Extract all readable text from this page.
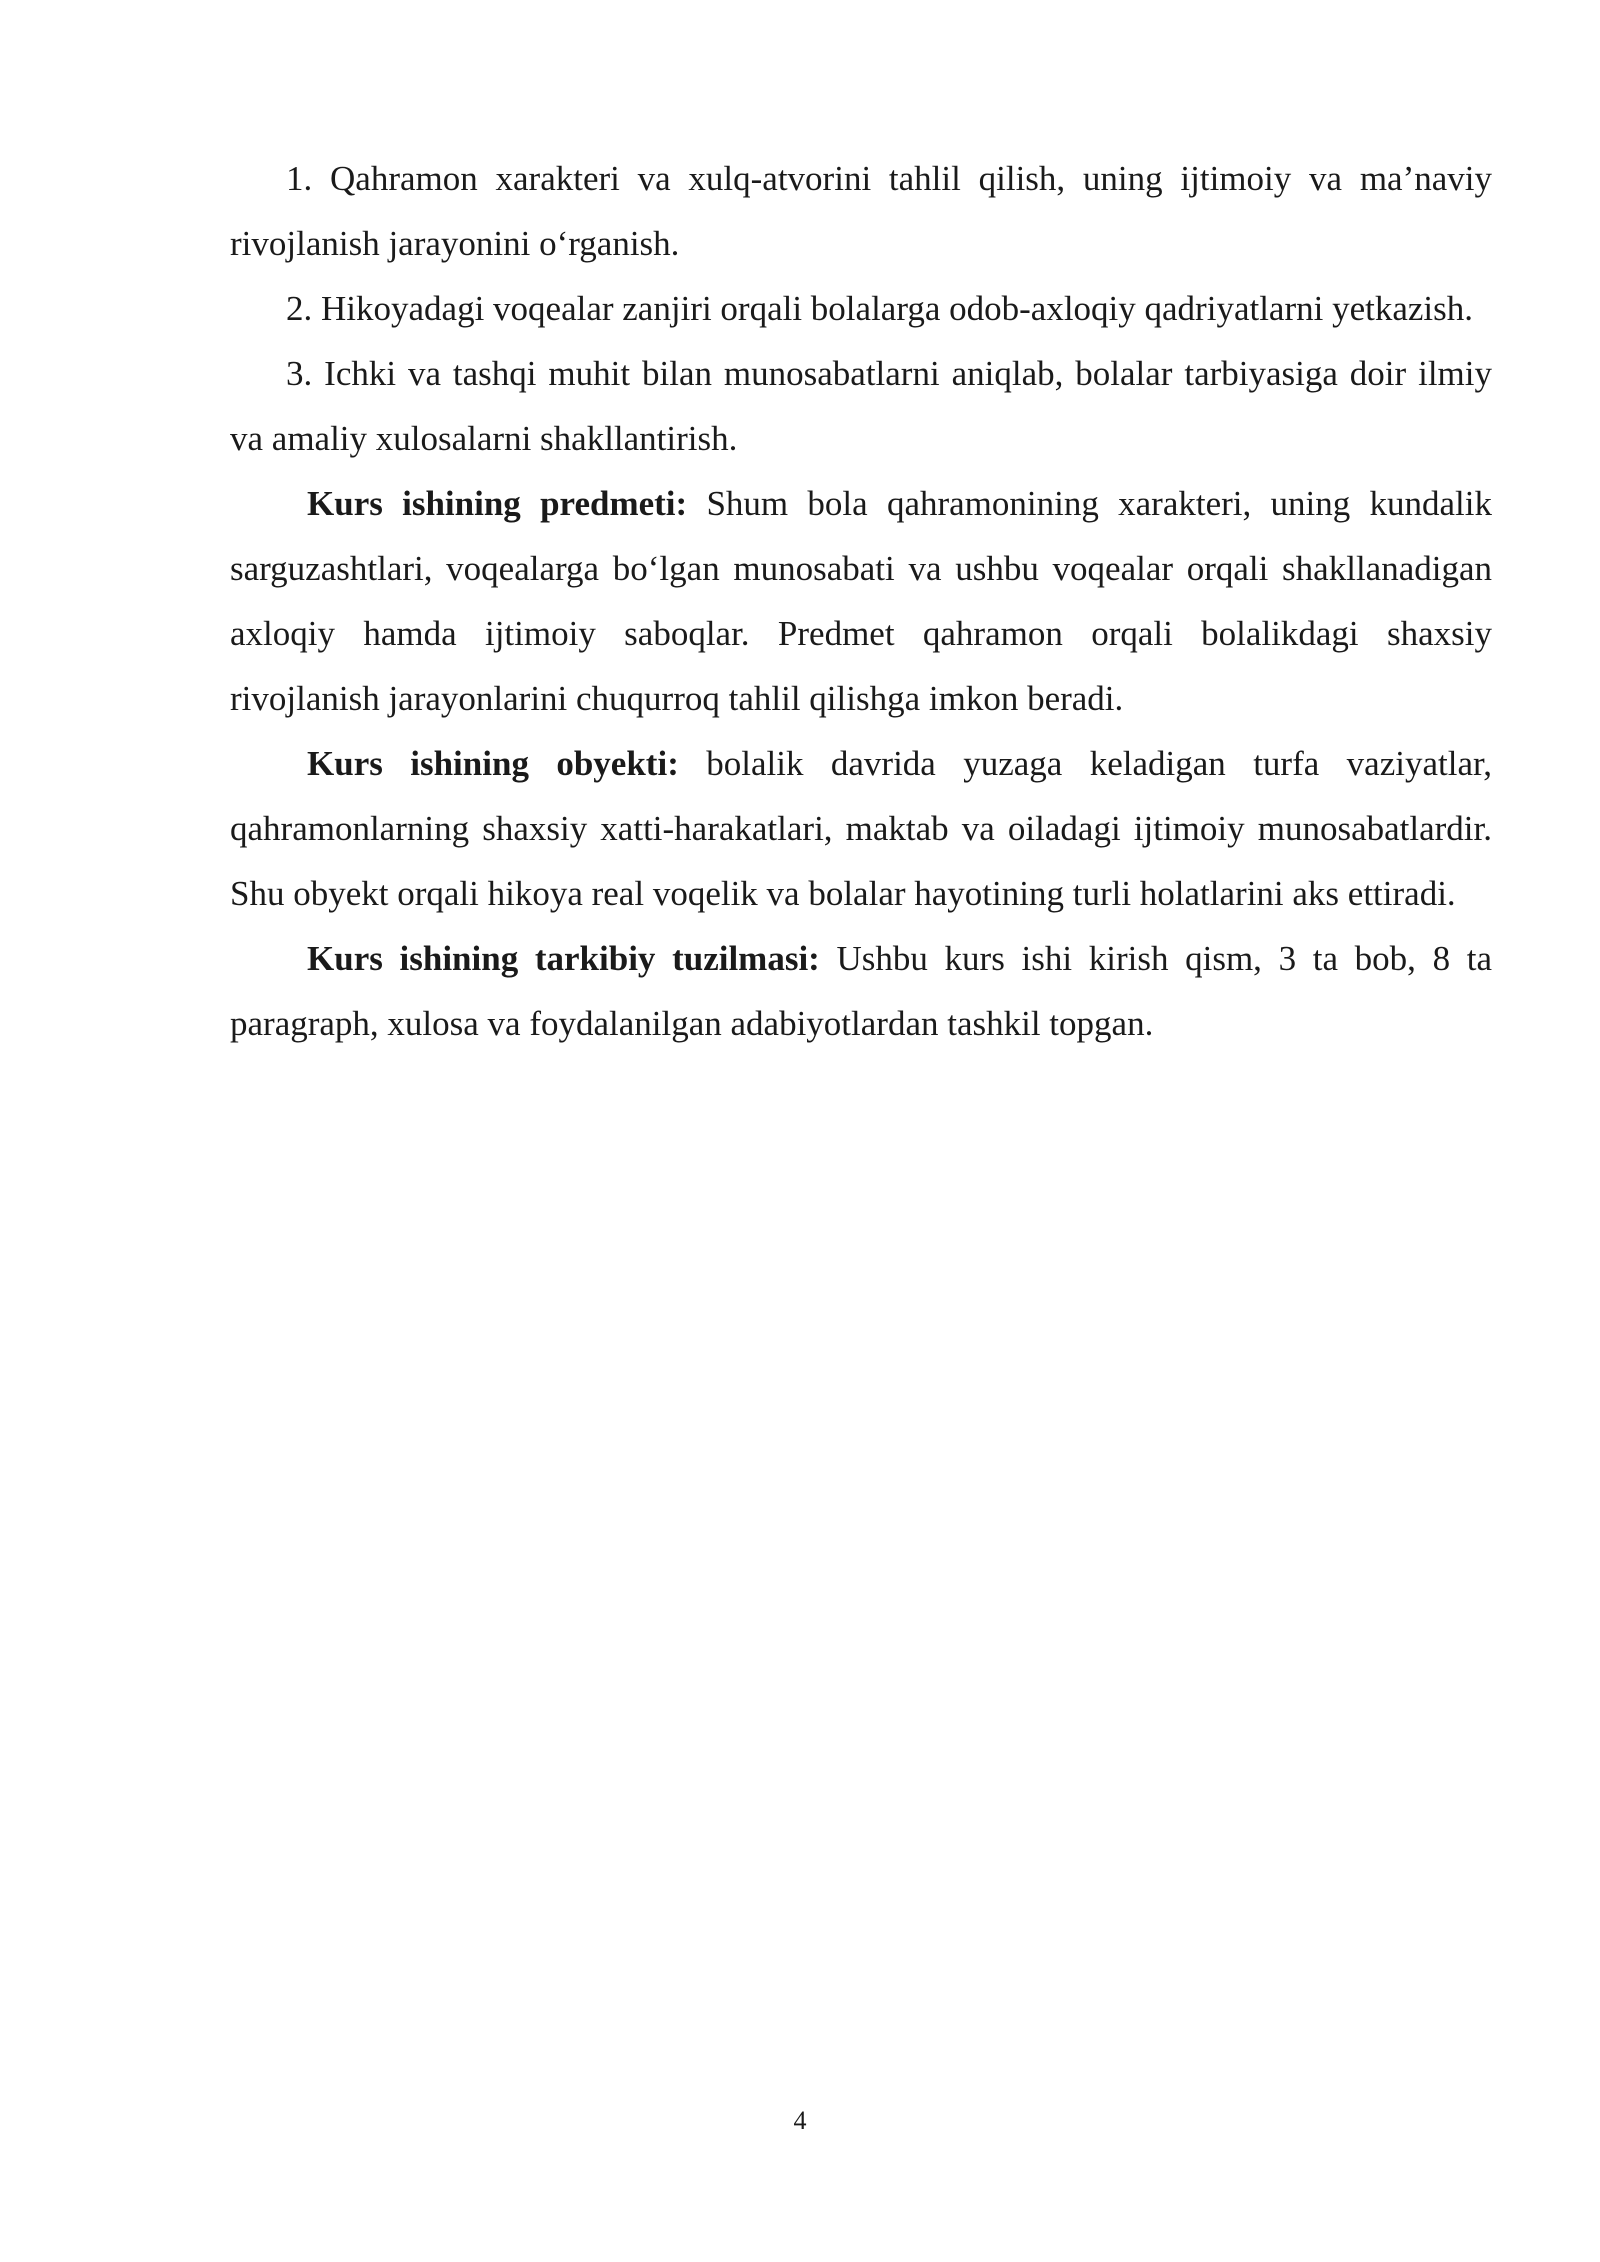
1. Qahramon xarakteri va xulq-atvorini tahlil qilish, uning ijtimoiy va ma’naviy rivojlanish jarayonini o‘rganish.

2. Hikoyadagi voqealar zanjiri orqali bolalarga odob-axloqiy qadriyatlarni yetkazish.

3. Ichki va tashqi muhit bilan munosabatlarni aniqlab, bolalar tarbiyasiga doir ilmiy va amaliy xulosalarni shakllantirish.

Kurs ishining predmeti: Shum bola qahramonining xarakteri, uning kundalik sarguzashtlari, voqealarga bo‘lgan munosabati va ushbu voqealar orqali shakllanadigan axloqiy hamda ijtimoiy saboqlar. Predmet qahramon orqali bolalikdagi shaxsiy rivojlanish jarayonlarini chuqurroq tahlil qilishga imkon beradi.

Kurs ishining obyekti: bolalik davrida yuzaga keladigan turfa vaziyatlar, qahramonlarning shaxsiy xatti-harakatlari, maktab va oiladagi ijtimoiy munosabatlardir. Shu obyekt orqali hikoya real voqelik va bolalar hayotining turli holatlarini aks ettiradi.

Kurs ishining tarkibiy tuzilmasi: Ushbu kurs ishi kirish qism, 3 ta bob, 8 ta paragraph, xulosa va foydalanilgan adabiyotlardan tashkil topgan.

4
